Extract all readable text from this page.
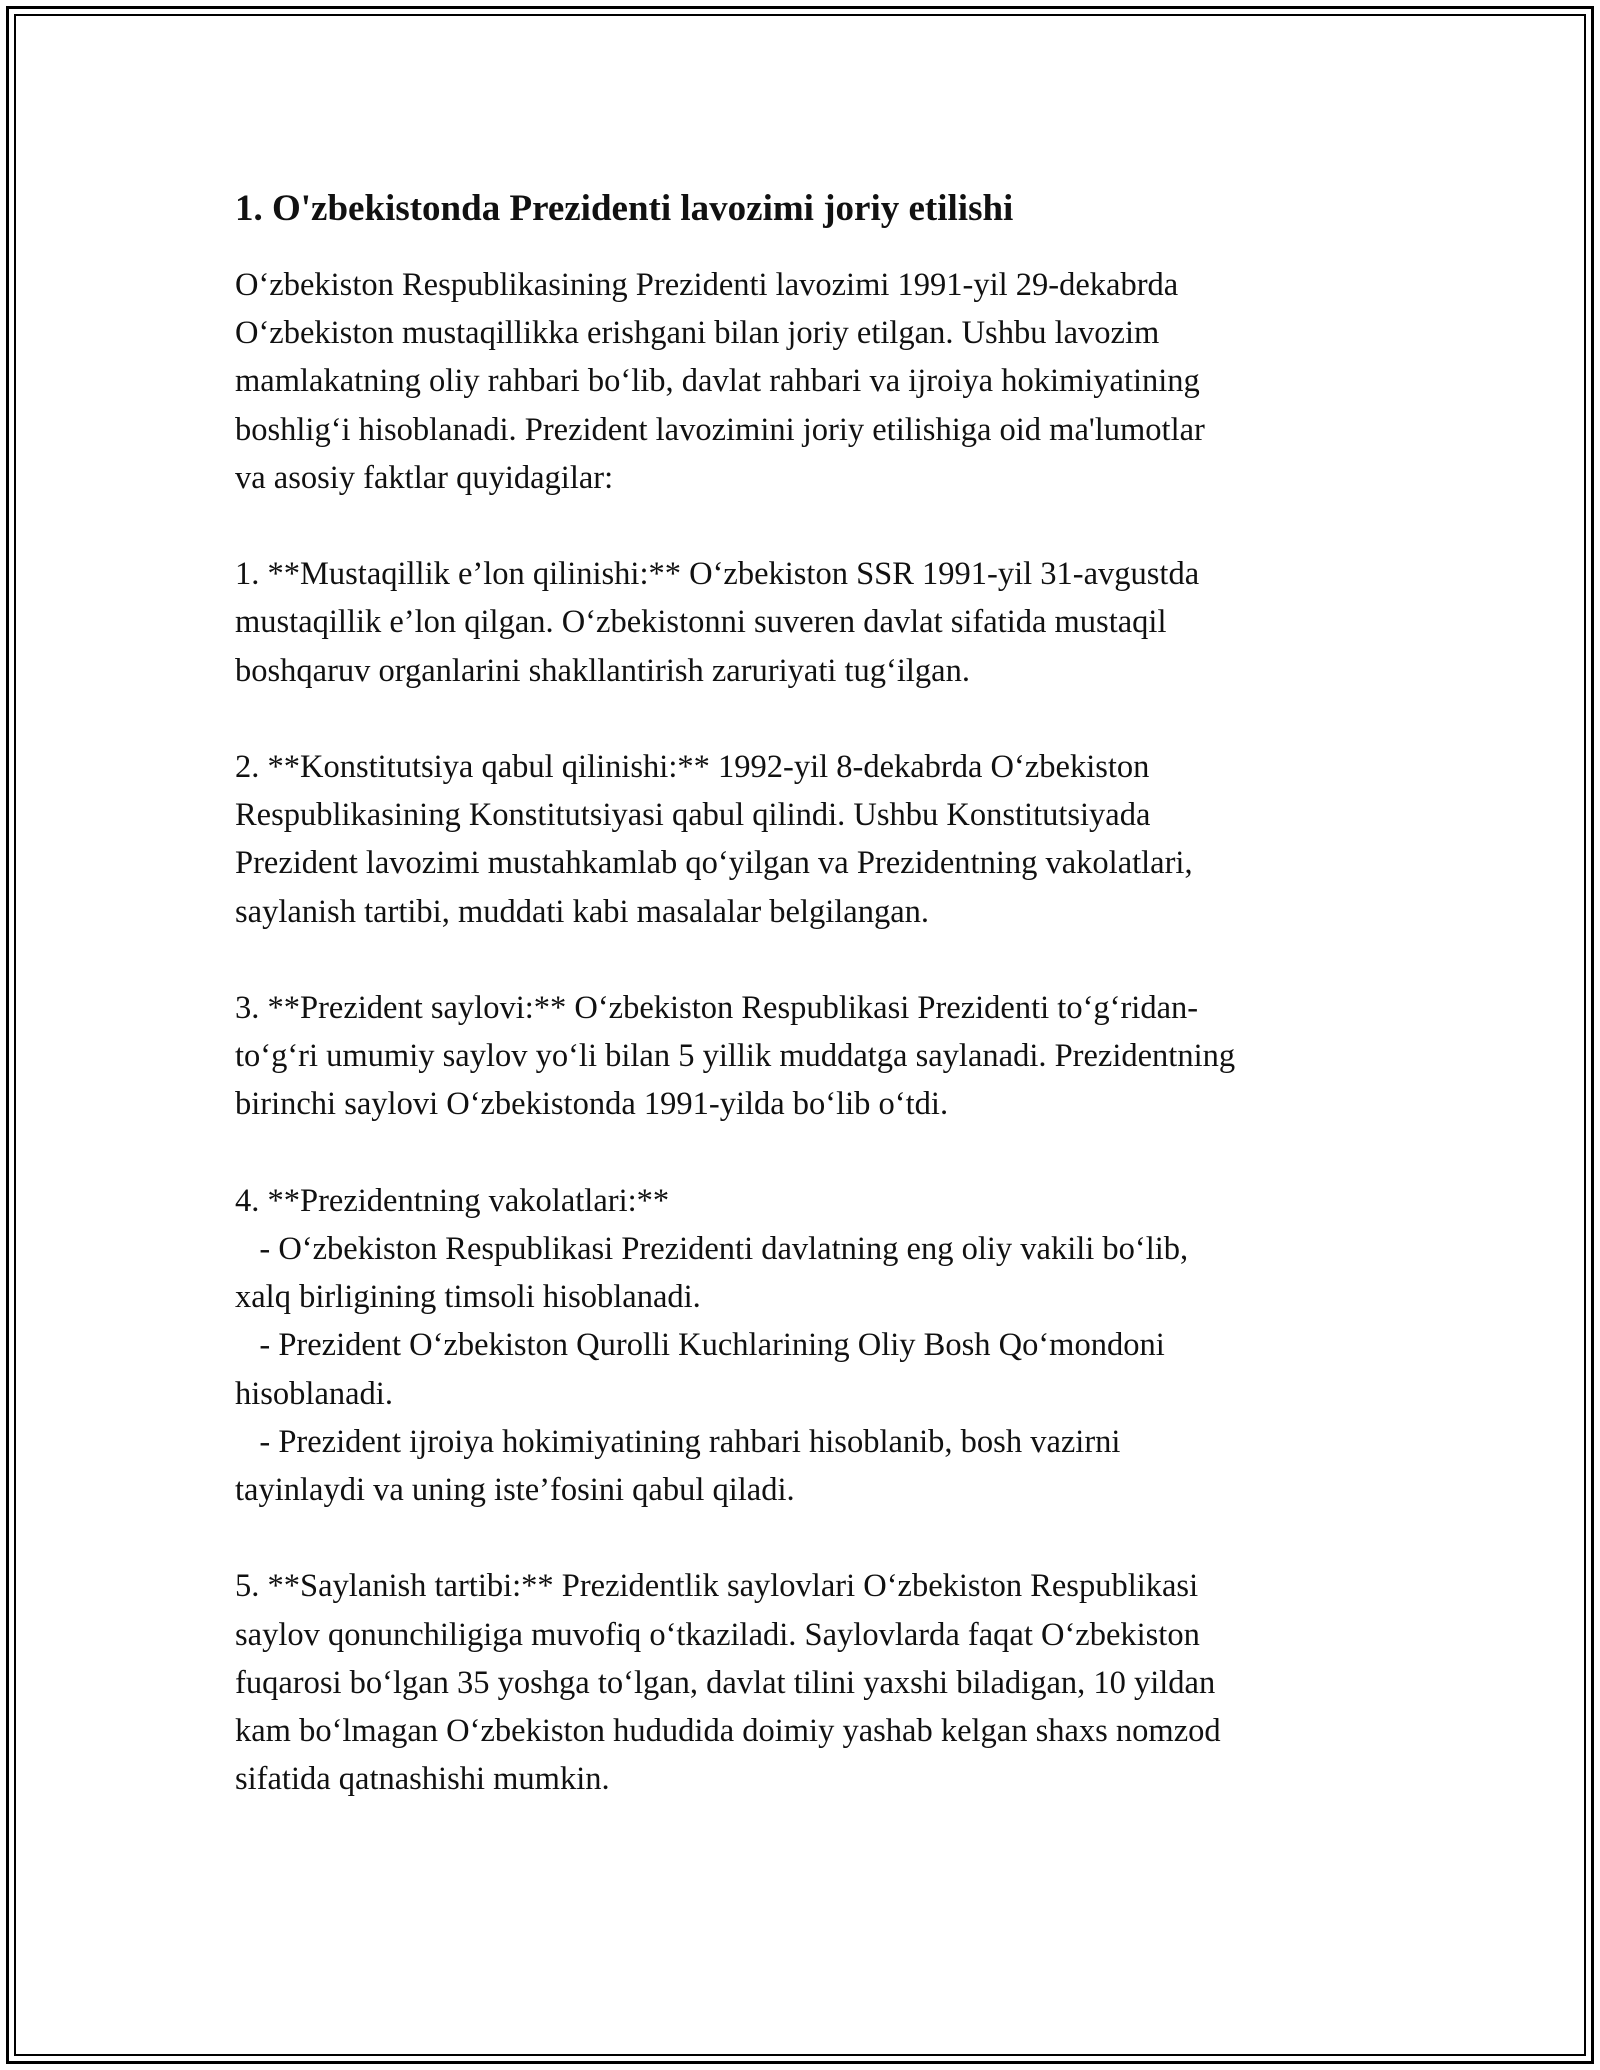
1. O'zbekistonda Prezidenti lavozimi joriy etilishi

O‘zbekiston Respublikasining Prezidenti lavozimi 1991-yil 29-dekabrda
O‘zbekiston mustaqillikka erishgani bilan joriy etilgan. Ushbu lavozim
mamlakatning oliy rahbari bo‘lib, davlat rahbari va ijroiya hokimiyatining
boshlig‘i hisoblanadi. Prezident lavozimini joriy etilishiga oid ma'lumotlar
va asosiy faktlar quyidagilar:

1. **Mustaqillik e’lon qilinishi:** O‘zbekiston SSR 1991-yil 31-avgustda
mustaqillik e’lon qilgan. O‘zbekistonni suveren davlat sifatida mustaqil
boshqaruv organlarini shakllantirish zaruriyati tug‘ilgan.

2. **Konstitutsiya qabul qilinishi:** 1992-yil 8-dekabrda O‘zbekiston
Respublikasining Konstitutsiyasi qabul qilindi. Ushbu Konstitutsiyada
Prezident lavozimi mustahkamlab qo‘yilgan va Prezidentning vakolatlari,
saylanish tartibi, muddati kabi masalalar belgilangan.

3. **Prezident saylovi:** O‘zbekiston Respublikasi Prezidenti to‘g‘ridan-
to‘g‘ri umumiy saylov yo‘li bilan 5 yillik muddatga saylanadi. Prezidentning
birinchi saylovi O‘zbekistonda 1991-yilda bo‘lib o‘tdi.

4. **Prezidentning vakolatlari:**
- O‘zbekiston Respublikasi Prezidenti davlatning eng oliy vakili bo‘lib,
xalq birligining timsoli hisoblanadi.
- Prezident O‘zbekiston Qurolli Kuchlarining Oliy Bosh Qo‘mondoni
hisoblanadi.
- Prezident ijroiya hokimiyatining rahbari hisoblanib, bosh vazirni
tayinlaydi va uning iste’fosini qabul qiladi.

5. **Saylanish tartibi:** Prezidentlik saylovlari O‘zbekiston Respublikasi
saylov qonunchiligiga muvofiq o‘tkaziladi. Saylovlarda faqat O‘zbekiston
fuqarosi bo‘lgan 35 yoshga to‘lgan, davlat tilini yaxshi biladigan, 10 yildan
kam bo‘lmagan O‘zbekiston hududida doimiy yashab kelgan shaxs nomzod
sifatida qatnashishi mumkin.
